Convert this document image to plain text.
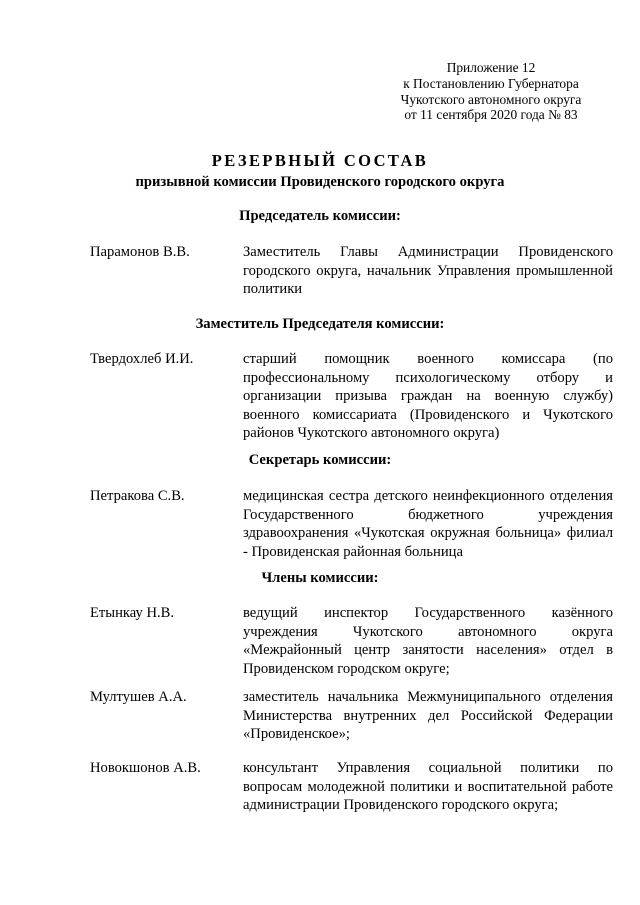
Приложение 12
к Постановлению Губернатора
Чукотского автономного округа
от 11 сентября 2020 года № 83
РЕЗЕРВНЫЙ СОСТАВ
призывной комиссии Провиденского городского округа
Председатель комиссии:
Парамонов В.В.	Заместитель Главы Администрации Провиденского городского округа, начальник Управления промышленной политики
Заместитель Председателя комиссии:
Твердохлеб И.И.	старший помощник военного комиссара (по профессиональному психологическому отбору и организации призыва граждан на военную службу) военного комиссариата (Провиденского и Чукотского районов Чукотского автономного округа)
Секретарь комиссии:
Петракова С.В.	медицинская сестра детского неинфекционного отделения Государственного бюджетного учреждения здравоохранения «Чукотская окружная больница» филиал - Провиденская районная больница
Члены комиссии:
Етынкау Н.В.	ведущий инспектор Государственного казённого учреждения Чукотского автономного округа «Межрайонный центр занятости населения» отдел в Провиденском городском округе;
Мултушев А.А.	заместитель начальника Межмуниципального отделения Министерства внутренних дел Российской Федерации «Провиденское»;
Новокшонов А.В.	консультант Управления социальной политики по вопросам молодежной политики и воспитательной работе администрации Провиденского городского округа;
